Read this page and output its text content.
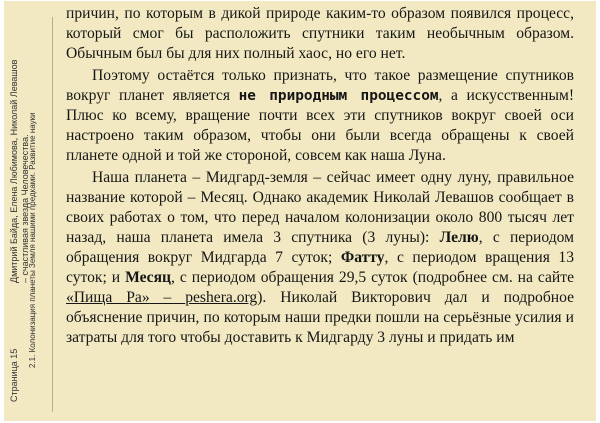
Страница 15
Дмитрий Байда, Елена Любимова, Николай Левашов – счастливая звезда Человечества.
2.1. Колонизация планеты Земля нашими предками. Развитие науки

причин, по которым в дикой природе каким-то образом появился процесс, который смог бы расположить спутники таким необычным образом. Обычным был бы для них полный хаос, но его нет.

Поэтому остаётся только признать, что такое размещение спутников вокруг планет является не природным процессом, а искусственным! Плюс ко всему, вращение почти всех эти спутников вокруг своей оси настроено таким образом, чтобы они были всегда обращены к своей планете одной и той же стороной, совсем как наша Луна.

Наша планета – Мидгард-земля – сейчас имеет одну луну, правильное название которой – Месяц. Однако академик Николай Левашов сообщает в своих работах о том, что перед началом колонизации около 800 тысяч лет назад, наша планета имела 3 спутника (3 луны): Лелю, с периодом обращения вокруг Мидгарда 7 суток; Фатту, с периодом вращения 13 суток; и Месяц, с периодом обращения 29,5 суток (подробнее см. на сайте «Пища Ра» – peshera.org). Николай Викторович дал и подробное объяснение причин, по которым наши предки пошли на серьёзные усилия и затраты для того чтобы доставить к Мидгарду 3 луны и придать им
